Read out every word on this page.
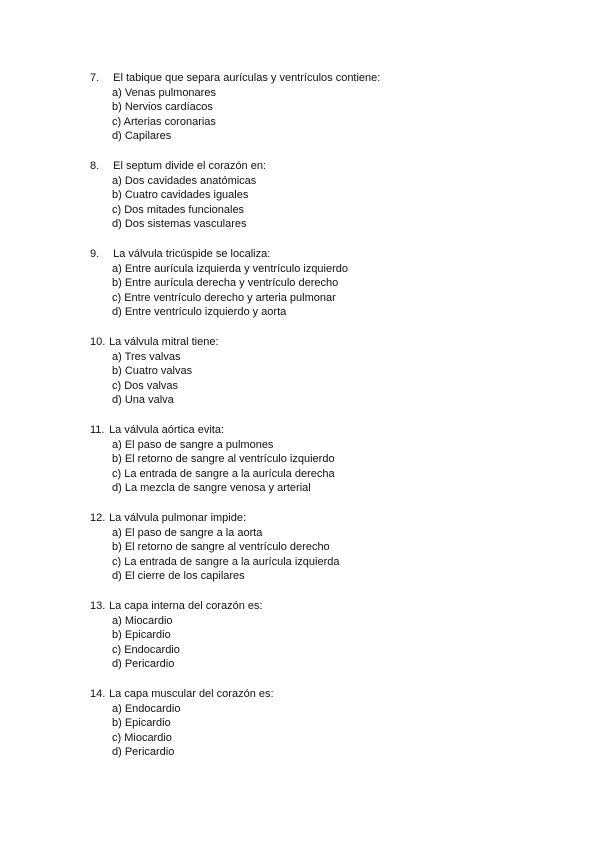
7. El tabique que separa aurículas y ventrículos contiene:
a) Venas pulmonares
b) Nervios cardíacos
c) Arterias coronarias
d) Capilares
8. El septum divide el corazón en:
a) Dos cavidades anatómicas
b) Cuatro cavidades iguales
c) Dos mitades funcionales
d) Dos sistemas vasculares
9. La válvula tricúspide se localiza:
a) Entre aurícula izquierda y ventrículo izquierdo
b) Entre aurícula derecha y ventrículo derecho
c) Entre ventrículo derecho y arteria pulmonar
d) Entre ventrículo izquierdo y aorta
10. La válvula mitral tiene:
a) Tres valvas
b) Cuatro valvas
c) Dos valvas
d) Una valva
11. La válvula aórtica evita:
a) El paso de sangre a pulmones
b) El retorno de sangre al ventrículo izquierdo
c) La entrada de sangre a la aurícula derecha
d) La mezcla de sangre venosa y arterial
12. La válvula pulmonar impide:
a) El paso de sangre a la aorta
b) El retorno de sangre al ventrículo derecho
c) La entrada de sangre a la aurícula izquierda
d) El cierre de los capilares
13. La capa interna del corazón es:
a) Miocardio
b) Epicardio
c) Endocardio
d) Pericardio
14. La capa muscular del corazón es:
a) Endocardio
b) Epicardio
c) Miocardio
d) Pericardio
